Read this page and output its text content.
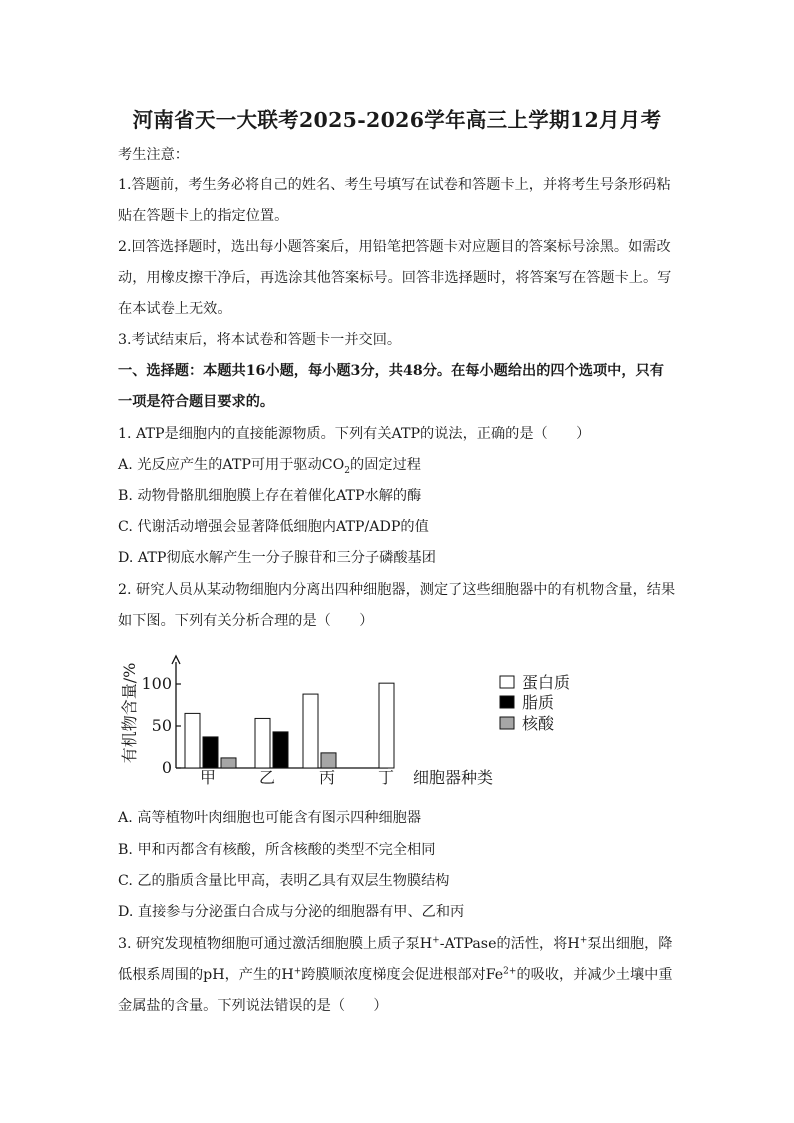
河南省天一大联考2025-2026学年高三上学期12月月考
考生注意：
1.答题前，考生务必将自己的姓名、考生号填写在试卷和答题卡上，并将考生号条形码粘
贴在答题卡上的指定位置。
2.回答选择题时，选出每小题答案后，用铅笔把答题卡对应题目的答案标号涂黑。如需改
动，用橡皮擦干净后，再选涂其他答案标号。回答非选择题时，将答案写在答题卡上。写
在本试卷上无效。
3.考试结束后，将本试卷和答题卡一并交回。
一、选择题：本题共16小题，每小题3分，共48分。在每小题给出的四个选项中，只有
一项是符合题目要求的。
1. ATP是细胞内的直接能源物质。下列有关ATP的说法，正确的是（　　）
A. 光反应产生的ATP可用于驱动$CO_2$的固定过程
B. 动物骨骼肌细胞膜上存在着催化ATP水解的酶
C. 代谢活动增强会显著降低细胞内ATP/ADP的值
D. ATP彻底水解产生一分子腺苷和三分子磷酸基团
2. 研究人员从某动物细胞内分离出四种细胞器，测定了这些细胞器中的有机物含量，结果
如下图。下列有关分析合理的是（　　）
0
50
100
有机物含量/%
甲	乙	丙	丁 细胞器种类
蛋白质
脂质
核酸
A. 高等植物叶肉细胞也可能含有图示四种细胞器
B. 甲和丙都含有核酸，所含核酸的类型不完全相同
C. 乙的脂质含量比甲高，表明乙具有双层生物膜结构
D. 直接参与分泌蛋白合成与分泌的细胞器有甲、乙和丙
3. 研究发现植物细胞可通过激活细胞膜上质子泵H+-ATPase的活性，将H+泵出细胞，降
低根系周围的pH，产生的H+跨膜顺浓度梯度会促进根部对$Fe^{2+}$的吸收，并减少土壤中重
金属盐的含量。下列说法错误的是（　　）
